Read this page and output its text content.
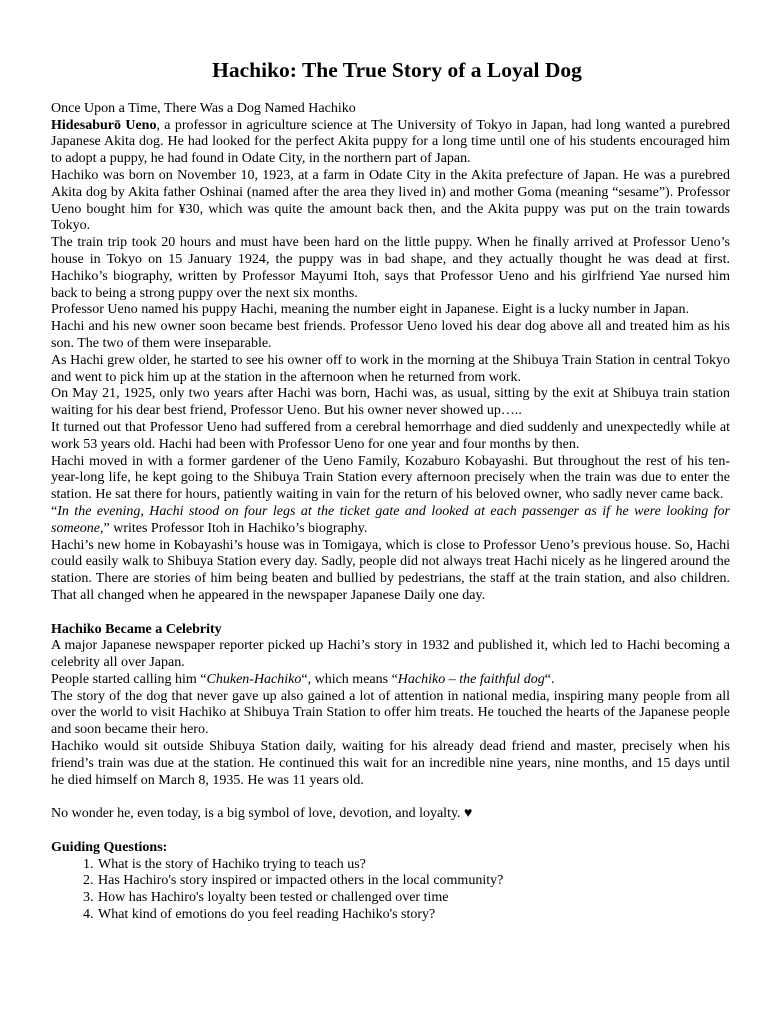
Hachiko: The True Story of a Loyal Dog

Once Upon a Time, There Was a Dog Named Hachiko

Hidesaburō Ueno, a professor in agriculture science at The University of Tokyo in Japan, had long wanted a purebred Japanese Akita dog. He had looked for the perfect Akita puppy for a long time until one of his students encouraged him to adopt a puppy, he had found in Odate City, in the northern part of Japan.

Hachiko was born on November 10, 1923, at a farm in Odate City in the Akita prefecture of Japan. He was a purebred Akita dog by Akita father Oshinai (named after the area they lived in) and mother Goma (meaning “sesame”). Professor Ueno bought him for ¥30, which was quite the amount back then, and the Akita puppy was put on the train towards Tokyo.

The train trip took 20 hours and must have been hard on the little puppy. When he finally arrived at Professor Ueno’s house in Tokyo on 15 January 1924, the puppy was in bad shape, and they actually thought he was dead at first. Hachiko’s biography, written by Professor Mayumi Itoh, says that Professor Ueno and his girlfriend Yae nursed him back to being a strong puppy over the next six months.

Professor Ueno named his puppy Hachi, meaning the number eight in Japanese. Eight is a lucky number in Japan.

Hachi and his new owner soon became best friends. Professor Ueno loved his dear dog above all and treated him as his son. The two of them were inseparable.

As Hachi grew older, he started to see his owner off to work in the morning at the Shibuya Train Station in central Tokyo and went to pick him up at the station in the afternoon when he returned from work.

On May 21, 1925, only two years after Hachi was born, Hachi was, as usual, sitting by the exit at Shibuya train station waiting for his dear best friend, Professor Ueno. But his owner never showed up…..

It turned out that Professor Ueno had suffered from a cerebral hemorrhage and died suddenly and unexpectedly while at work 53 years old. Hachi had been with Professor Ueno for one year and four months by then.

Hachi moved in with a former gardener of the Ueno Family, Kozaburo Kobayashi. But throughout the rest of his ten-year-long life, he kept going to the Shibuya Train Station every afternoon precisely when the train was due to enter the station. He sat there for hours, patiently waiting in vain for the return of his beloved owner, who sadly never came back.

“In the evening, Hachi stood on four legs at the ticket gate and looked at each passenger as if he were looking for someone,” writes Professor Itoh in Hachiko’s biography.

Hachi’s new home in Kobayashi’s house was in Tomigaya, which is close to Professor Ueno’s previous house. So, Hachi could easily walk to Shibuya Station every day. Sadly, people did not always treat Hachi nicely as he lingered around the station. There are stories of him being beaten and bullied by pedestrians, the staff at the train station, and also children. That all changed when he appeared in the newspaper Japanese Daily one day.

Hachiko Became a Celebrity

A major Japanese newspaper reporter picked up Hachi’s story in 1932 and published it, which led to Hachi becoming a celebrity all over Japan.

People started calling him “Chuken-Hachiko“, which means “Hachiko – the faithful dog“.

The story of the dog that never gave up also gained a lot of attention in national media, inspiring many people from all over the world to visit Hachiko at Shibuya Train Station to offer him treats. He touched the hearts of the Japanese people and soon became their hero.

Hachiko would sit outside Shibuya Station daily, waiting for his already dead friend and master, precisely when his friend’s train was due at the station. He continued this wait for an incredible nine years, nine months, and 15 days until he died himself on March 8, 1935. He was 11 years old.

No wonder he, even today, is a big symbol of love, devotion, and loyalty. ♥

Guiding Questions:

1. What is the story of Hachiko trying to teach us?
2. Has Hachiro's story inspired or impacted others in the local community?
3. How has Hachiro's loyalty been tested or challenged over time
4. What kind of emotions do you feel reading Hachiko's story?
